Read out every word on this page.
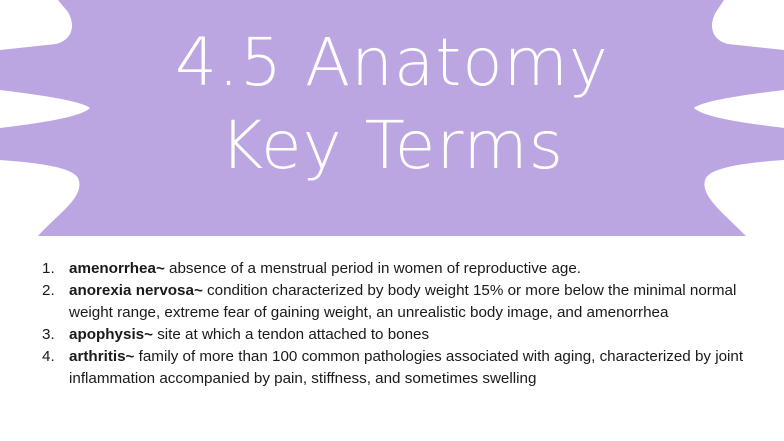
4.5 Anatomy
Key Terms
1. amenorrhea~ absence of a menstrual period in women of reproductive age.
2. anorexia nervosa~ condition characterized by body weight 15% or more below the minimal normal weight range, extreme fear of gaining weight, an unrealistic body image, and amenorrhea
3. apophysis~ site at which a tendon attached to bones
4. arthritis~ family of more than 100 common pathologies associated with aging, characterized by joint inflammation accompanied by pain, stiffness, and sometimes swelling
